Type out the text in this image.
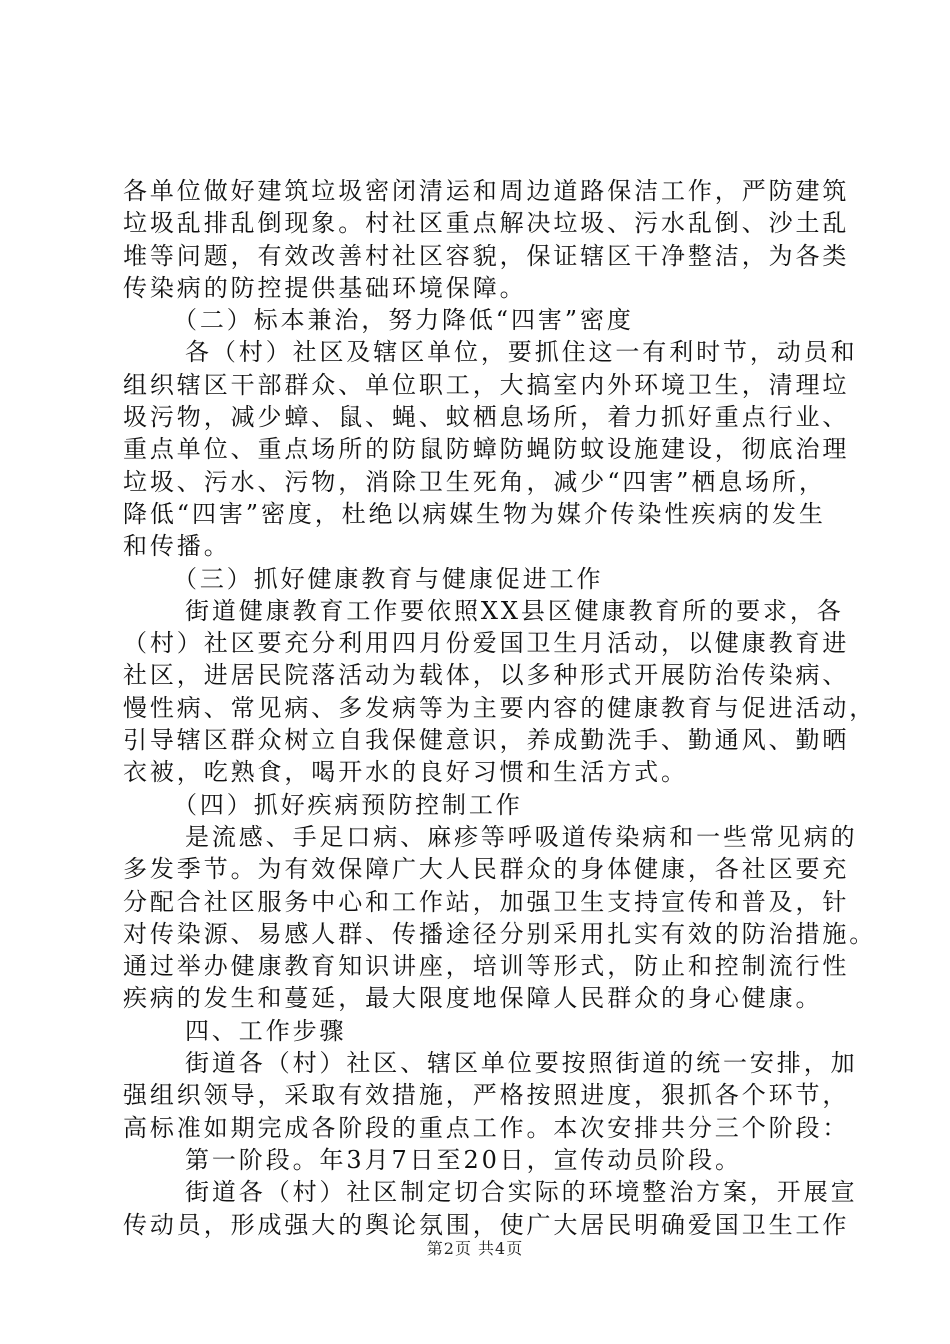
各单位做好建筑垃圾密闭清运和周边道路保洁工作，严防建筑
垃圾乱排乱倒现象。村社区重点解决垃圾、污水乱倒、沙土乱
堆等问题，有效改善村社区容貌，保证辖区干净整洁，为各类
传染病的防控提供基础环境保障。
（二）标本兼治，努力降低“四害”密度
各（村）社区及辖区单位，要抓住这一有利时节，动员和
组织辖区干部群众、单位职工，大搞室内外环境卫生，清理垃
圾污物，减少蟑、鼠、蝇、蚊栖息场所，着力抓好重点行业、
重点单位、重点场所的防鼠防蟑防蝇防蚊设施建设，彻底治理
垃圾、污水、污物，消除卫生死角，减少“四害”栖息场所，
降低“四害”密度，杜绝以病媒生物为媒介传染性疾病的发生
和传播。
（三）抓好健康教育与健康促进工作
街道健康教育工作要依照XX县区健康教育所的要求，各
（村）社区要充分利用四月份爱国卫生月活动，以健康教育进
社区，进居民院落活动为载体，以多种形式开展防治传染病、
慢性病、常见病、多发病等为主要内容的健康教育与促进活动，
引导辖区群众树立自我保健意识，养成勤洗手、勤通风、勤晒
衣被，吃熟食，喝开水的良好习惯和生活方式。
（四）抓好疾病预防控制工作
是流感、手足口病、麻疹等呼吸道传染病和一些常见病的
多发季节。为有效保障广大人民群众的身体健康，各社区要充
分配合社区服务中心和工作站，加强卫生支持宣传和普及，针
对传染源、易感人群、传播途径分别采用扎实有效的防治措施。
通过举办健康教育知识讲座，培训等形式，防止和控制流行性
疾病的发生和蔓延，最大限度地保障人民群众的身心健康。
四、工作步骤
街道各（村）社区、辖区单位要按照街道的统一安排，加
强组织领导，采取有效措施，严格按照进度，狠抓各个环节，
高标准如期完成各阶段的重点工作。本次安排共分三个阶段：
第一阶段。年3月7日至20日，宣传动员阶段。
街道各（村）社区制定切合实际的环境整治方案，开展宣
传动员，形成强大的舆论氛围，使广大居民明确爱国卫生工作
第2页 共4页
